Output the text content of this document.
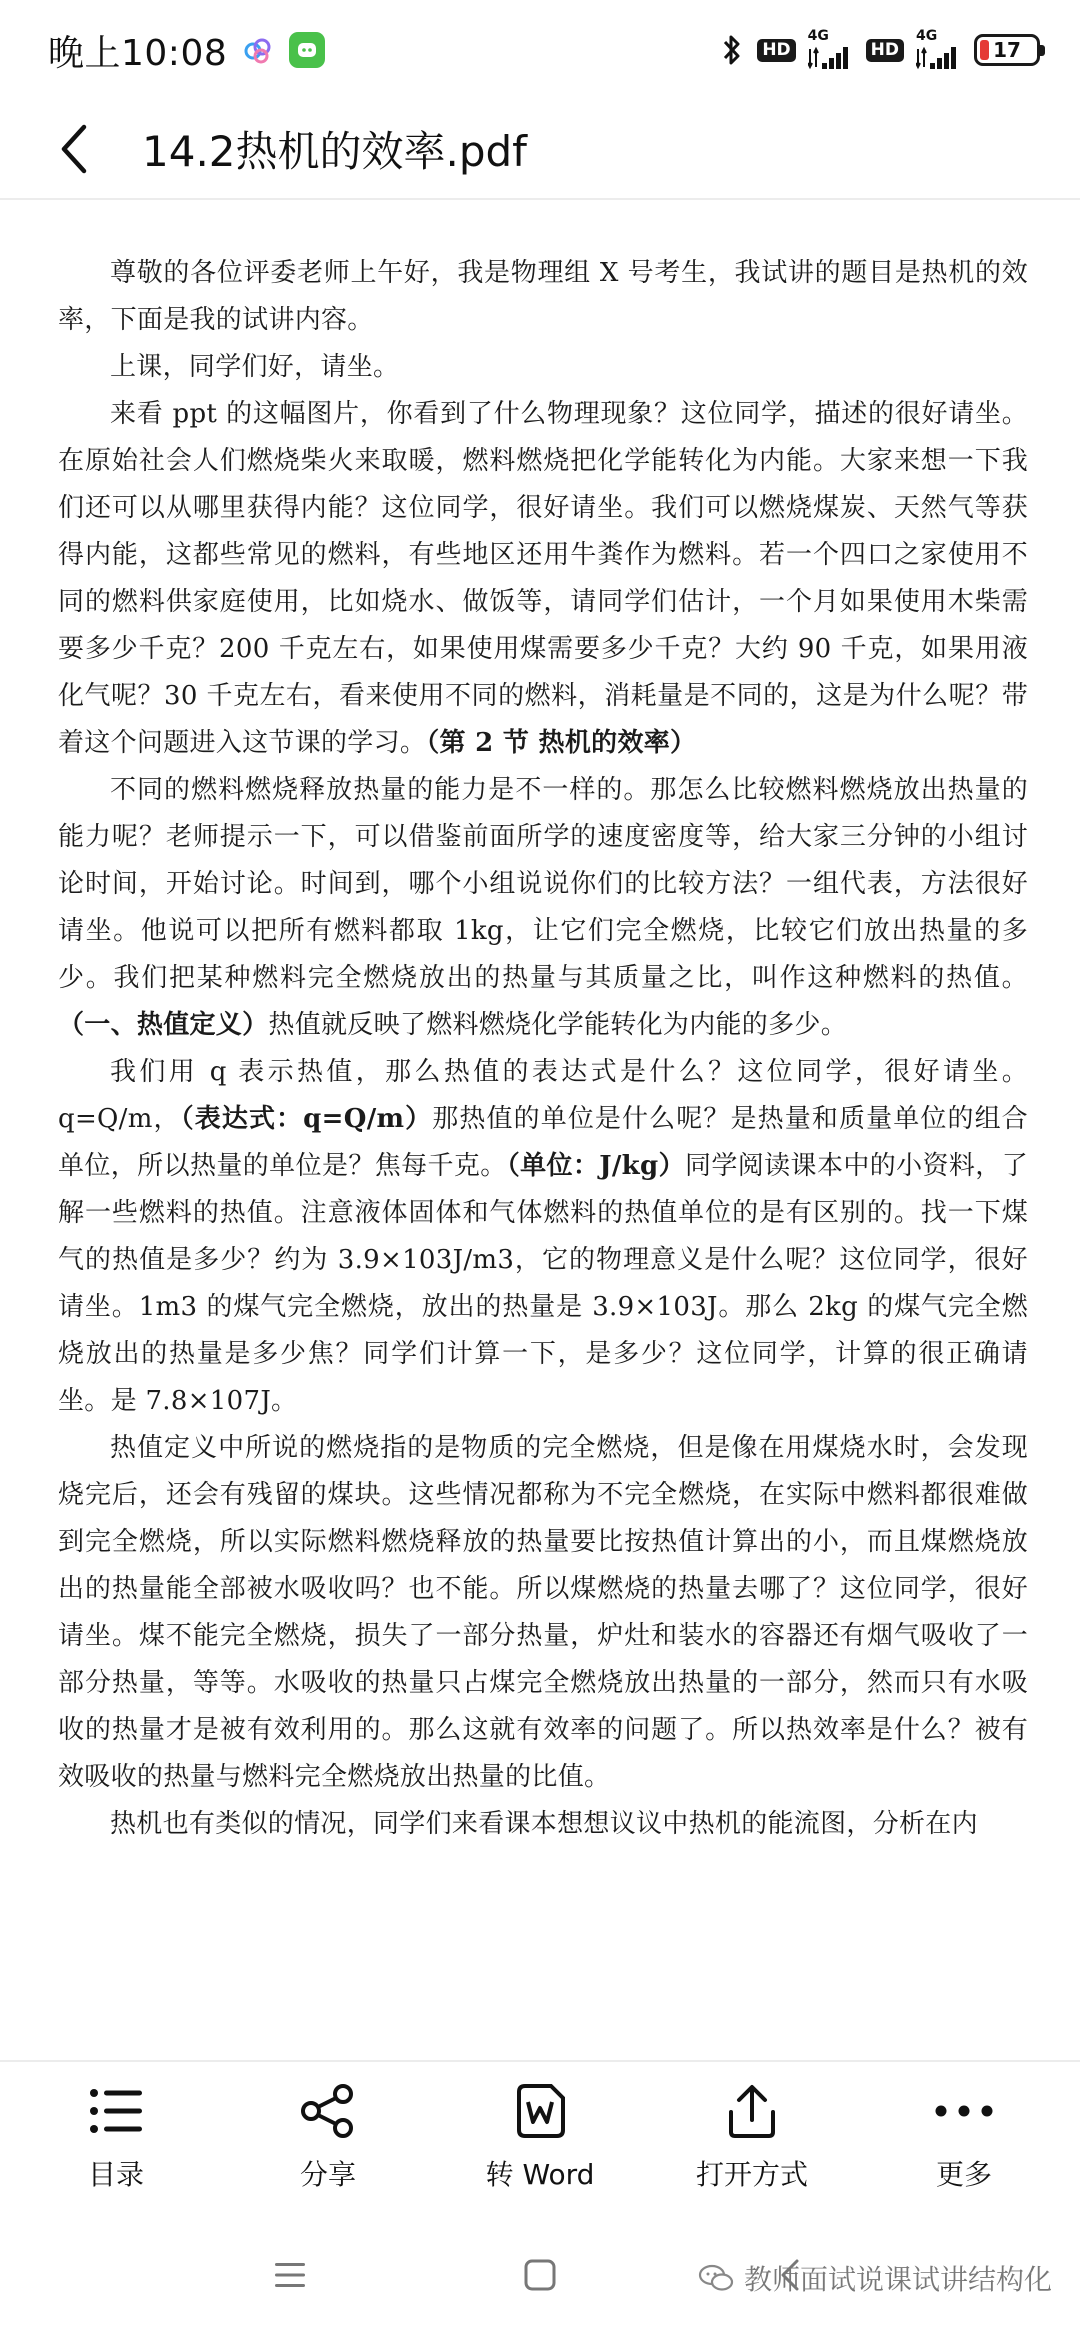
晚上10:08	HD
4G
HD
4G
17
14.2热机的效率.pdf

尊敬的各位评委老师上午好，我是物理组 X 号考生，我试讲的题目是热机的效率，下面是我的试讲内容。

上课，同学们好，请坐。

来看 ppt 的这幅图片，你看到了什么物理现象？这位同学，描述的很好请坐。在原始社会人们燃烧柴火来取暖，燃料燃烧把化学能转化为内能。大家来想一下我们还可以从哪里获得内能？这位同学，很好请坐。我们可以燃烧煤炭、天然气等获得内能，这都些常见的燃料，有些地区还用牛粪作为燃料。若一个四口之家使用不同的燃料供家庭使用，比如烧水、做饭等，请同学们估计，一个月如果使用木柴需要多少千克？200 千克左右，如果使用煤需要多少千克？大约 90 千克，如果用液化气呢？30 千克左右，看来使用不同的燃料，消耗量是不同的，这是为什么呢？带着这个问题进入这节课的学习。（第 2 节 热机的效率）

不同的燃料燃烧释放热量的能力是不一样的。那怎么比较燃料燃烧放出热量的能力呢？老师提示一下，可以借鉴前面所学的速度密度等，给大家三分钟的小组讨论时间，开始讨论。时间到，哪个小组说说你们的比较方法？一组代表，方法很好请坐。他说可以把所有燃料都取 1kg，让它们完全燃烧，比较它们放出热量的多少。我们把某种燃料完全燃烧放出的热量与其质量之比，叫作这种燃料的热值。（一、热值定义）热值就反映了燃料燃烧化学能转化为内能的多少。

我们用 q 表示热值，那么热值的表达式是什么？这位同学，很好请坐。q=Q/m，（表达式：q=Q/m）那热值的单位是什么呢？是热量和质量单位的组合单位，所以热量的单位是？焦每千克。（单位：J/kg）同学阅读课本中的小资料，了解一些燃料的热值。注意液体固体和气体燃料的热值单位的是有区别的。找一下煤气的热值是多少？约为 3.9×103J/m3，它的物理意义是什么呢？这位同学，很好请坐。1m3 的煤气完全燃烧，放出的热量是 3.9×103J。那么 2kg 的煤气完全燃烧放出的热量是多少焦？同学们计算一下，是多少？这位同学，计算的很正确请坐。是 7.8×107J。

热值定义中所说的燃烧指的是物质的完全燃烧，但是像在用煤烧水时，会发现烧完后，还会有残留的煤块。这些情况都称为不完全燃烧，在实际中燃料都很难做到完全燃烧，所以实际燃料燃烧释放的热量要比按热值计算出的小，而且煤燃烧放出的热量能全部被水吸收吗？也不能。所以煤燃烧的热量去哪了？这位同学，很好请坐。煤不能完全燃烧，损失了一部分热量，炉灶和装水的容器还有烟气吸收了一部分热量，等等。水吸收的热量只占煤完全燃烧放出热量的一部分，然而只有水吸收的热量才是被有效利用的。那么这就有效率的问题了。所以热效率是什么？被有效吸收的热量与燃料完全燃烧放出热量的比值。

热机也有类似的情况，同学们来看课本想想议议中热机的能流图，分析在内

目录	分享	转 Word	打开方式	更多
教师面试说课试讲结构化
